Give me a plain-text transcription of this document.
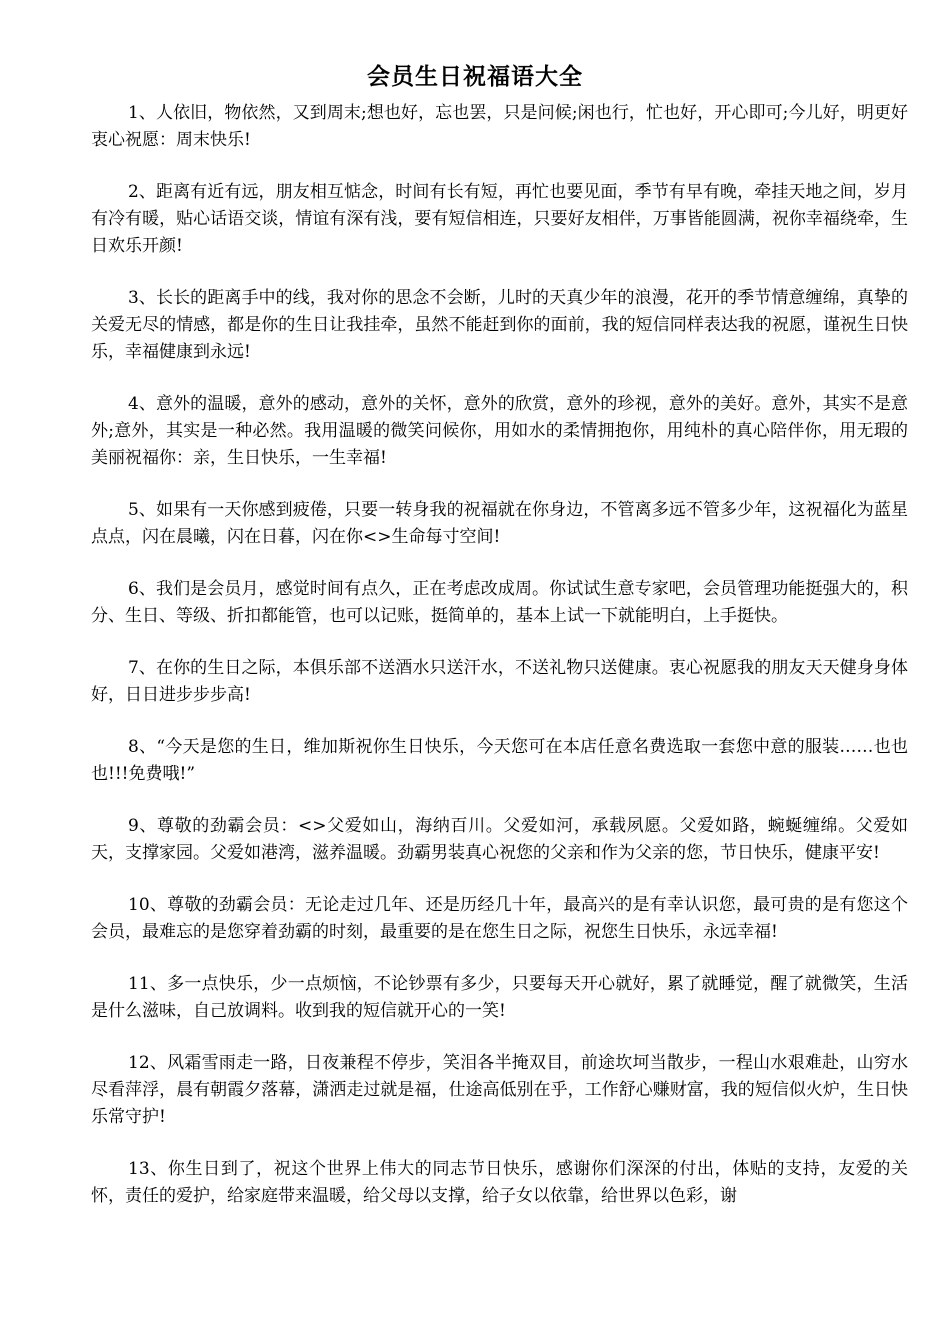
会员生日祝福语大全

1、人依旧，物依然，又到周末;想也好，忘也罢，只是问候;闲也行，忙也好，开心即可;今儿好，明更好衷心祝愿：周末快乐!

2、距离有近有远，朋友相互惦念，时间有长有短，再忙也要见面，季节有早有晚，牵挂天地之间，岁月有冷有暖，贴心话语交谈，情谊有深有浅，要有短信相连，只要好友相伴，万事皆能圆满，祝你幸福绕牵，生日欢乐开颜!

3、长长的距离手中的线，我对你的思念不会断，儿时的天真少年的浪漫，花开的季节情意缠绵，真挚的关爱无尽的情感，都是你的生日让我挂牵，虽然不能赶到你的面前，我的短信同样表达我的祝愿，谨祝生日快乐，幸福健康到永远!

4、意外的温暖，意外的感动，意外的关怀，意外的欣赏，意外的珍视，意外的美好。意外，其实不是意外;意外，其实是一种必然。我用温暖的微笑问候你，用如水的柔情拥抱你，用纯朴的真心陪伴你，用无瑕的美丽祝福你：亲，生日快乐，一生幸福!

5、如果有一天你感到疲倦，只要一转身我的祝福就在你身边，不管离多远不管多少年，这祝福化为蓝星点点，闪在晨曦，闪在日暮，闪在你<>生命每寸空间!

6、我们是会员月，感觉时间有点久，正在考虑改成周。你试试生意专家吧，会员管理功能挺强大的，积分、生日、等级、折扣都能管，也可以记账，挺简单的，基本上试一下就能明白，上手挺快。

7、在你的生日之际，本俱乐部不送酒水只送汗水，不送礼物只送健康。衷心祝愿我的朋友天天健身身体好，日日进步步步高!

8、“今天是您的生日，维加斯祝你生日快乐，今天您可在本店任意名费选取一套您中意的服装……也也也!!!免费哦!”

9、尊敬的劲霸会员：<>父爱如山，海纳百川。父爱如河，承载夙愿。父爱如路，蜿蜒缠绵。父爱如天，支撑家园。父爱如港湾，滋养温暖。劲霸男装真心祝您的父亲和作为父亲的您，节日快乐，健康平安!

10、尊敬的劲霸会员：无论走过几年、还是历经几十年，最高兴的是有幸认识您，最可贵的是有您这个会员，最难忘的是您穿着劲霸的时刻，最重要的是在您生日之际，祝您生日快乐，永远幸福!

11、多一点快乐，少一点烦恼，不论钞票有多少，只要每天开心就好，累了就睡觉，醒了就微笑，生活是什么滋味，自己放调料。收到我的短信就开心的一笑!

12、风霜雪雨走一路，日夜兼程不停步，笑泪各半掩双目，前途坎坷当散步，一程山水艰难赴，山穷水尽看萍浮，晨有朝霞夕落幕，潇洒走过就是福，仕途高低别在乎，工作舒心赚财富，我的短信似火炉，生日快乐常守护!

13、你生日到了，祝这个世界上伟大的同志节日快乐，感谢你们深深的付出，体贴的支持，友爱的关怀，责任的爱护，给家庭带来温暖，给父母以支撑，给子女以依靠，给世界以色彩，谢
